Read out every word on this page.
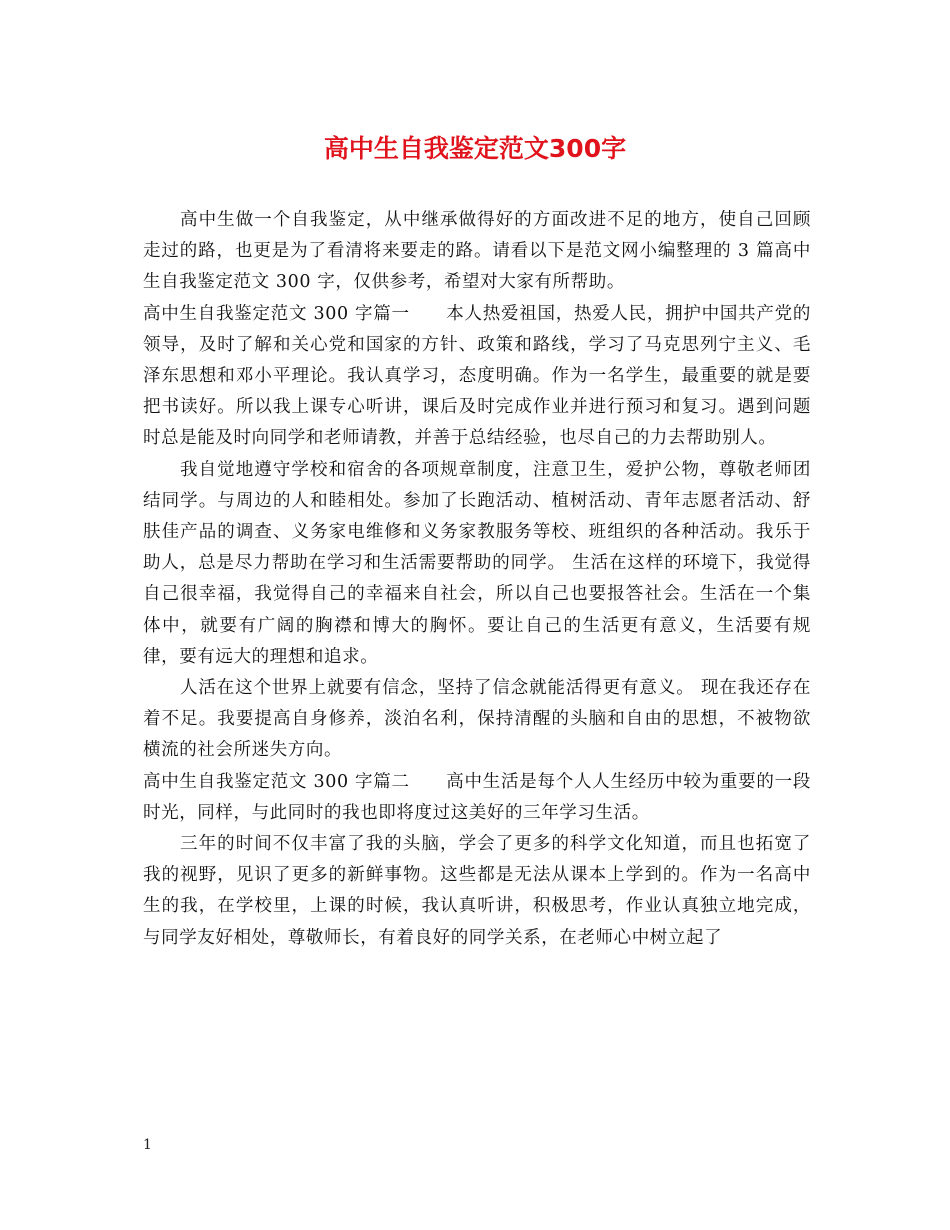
高中生自我鉴定范文300字

高中生做一个自我鉴定，从中继承做得好的方面改进不足的地方，使自己回顾走过的路，也更是为了看清将来要走的路。请看以下是范文网小编整理的 3 篇高中生自我鉴定范文 300 字，仅供参考，希望对大家有所帮助。

高中生自我鉴定范文 300 字篇一　　本人热爱祖国，热爱人民，拥护中国共产党的领导，及时了解和关心党和国家的方针、政策和路线，学习了马克思列宁主义、毛泽东思想和邓小平理论。我认真学习，态度明确。作为一名学生，最重要的就是要把书读好。所以我上课专心听讲，课后及时完成作业并进行预习和复习。遇到问题时总是能及时向同学和老师请教，并善于总结经验，也尽自己的力去帮助别人。

我自觉地遵守学校和宿舍的各项规章制度，注意卫生，爱护公物，尊敬老师团结同学。与周边的人和睦相处。参加了长跑活动、植树活动、青年志愿者活动、舒肤佳产品的调查、义务家电维修和义务家教服务等校、班组织的各种活动。我乐于助人，总是尽力帮助在学习和生活需要帮助的同学。 生活在这样的环境下，我觉得自己很幸福，我觉得自己的幸福来自社会，所以自己也要报答社会。生活在一个集体中，就要有广阔的胸襟和博大的胸怀。要让自己的生活更有意义，生活要有规律，要有远大的理想和追求。

人活在这个世界上就要有信念，坚持了信念就能活得更有意义。 现在我还存在着不足。我要提高自身修养，淡泊名利，保持清醒的头脑和自由的思想，不被物欲横流的社会所迷失方向。

高中生自我鉴定范文 300 字篇二　　高中生活是每个人人生经历中较为重要的一段时光，同样，与此同时的我也即将度过这美好的三年学习生活。

三年的时间不仅丰富了我的头脑，学会了更多的科学文化知道，而且也拓宽了我的视野，见识了更多的新鲜事物。这些都是无法从课本上学到的。作为一名高中生的我，在学校里，上课的时候，我认真听讲，积极思考，作业认真独立地完成，与同学友好相处，尊敬师长，有着良好的同学关系，在老师心中树立起了

1
